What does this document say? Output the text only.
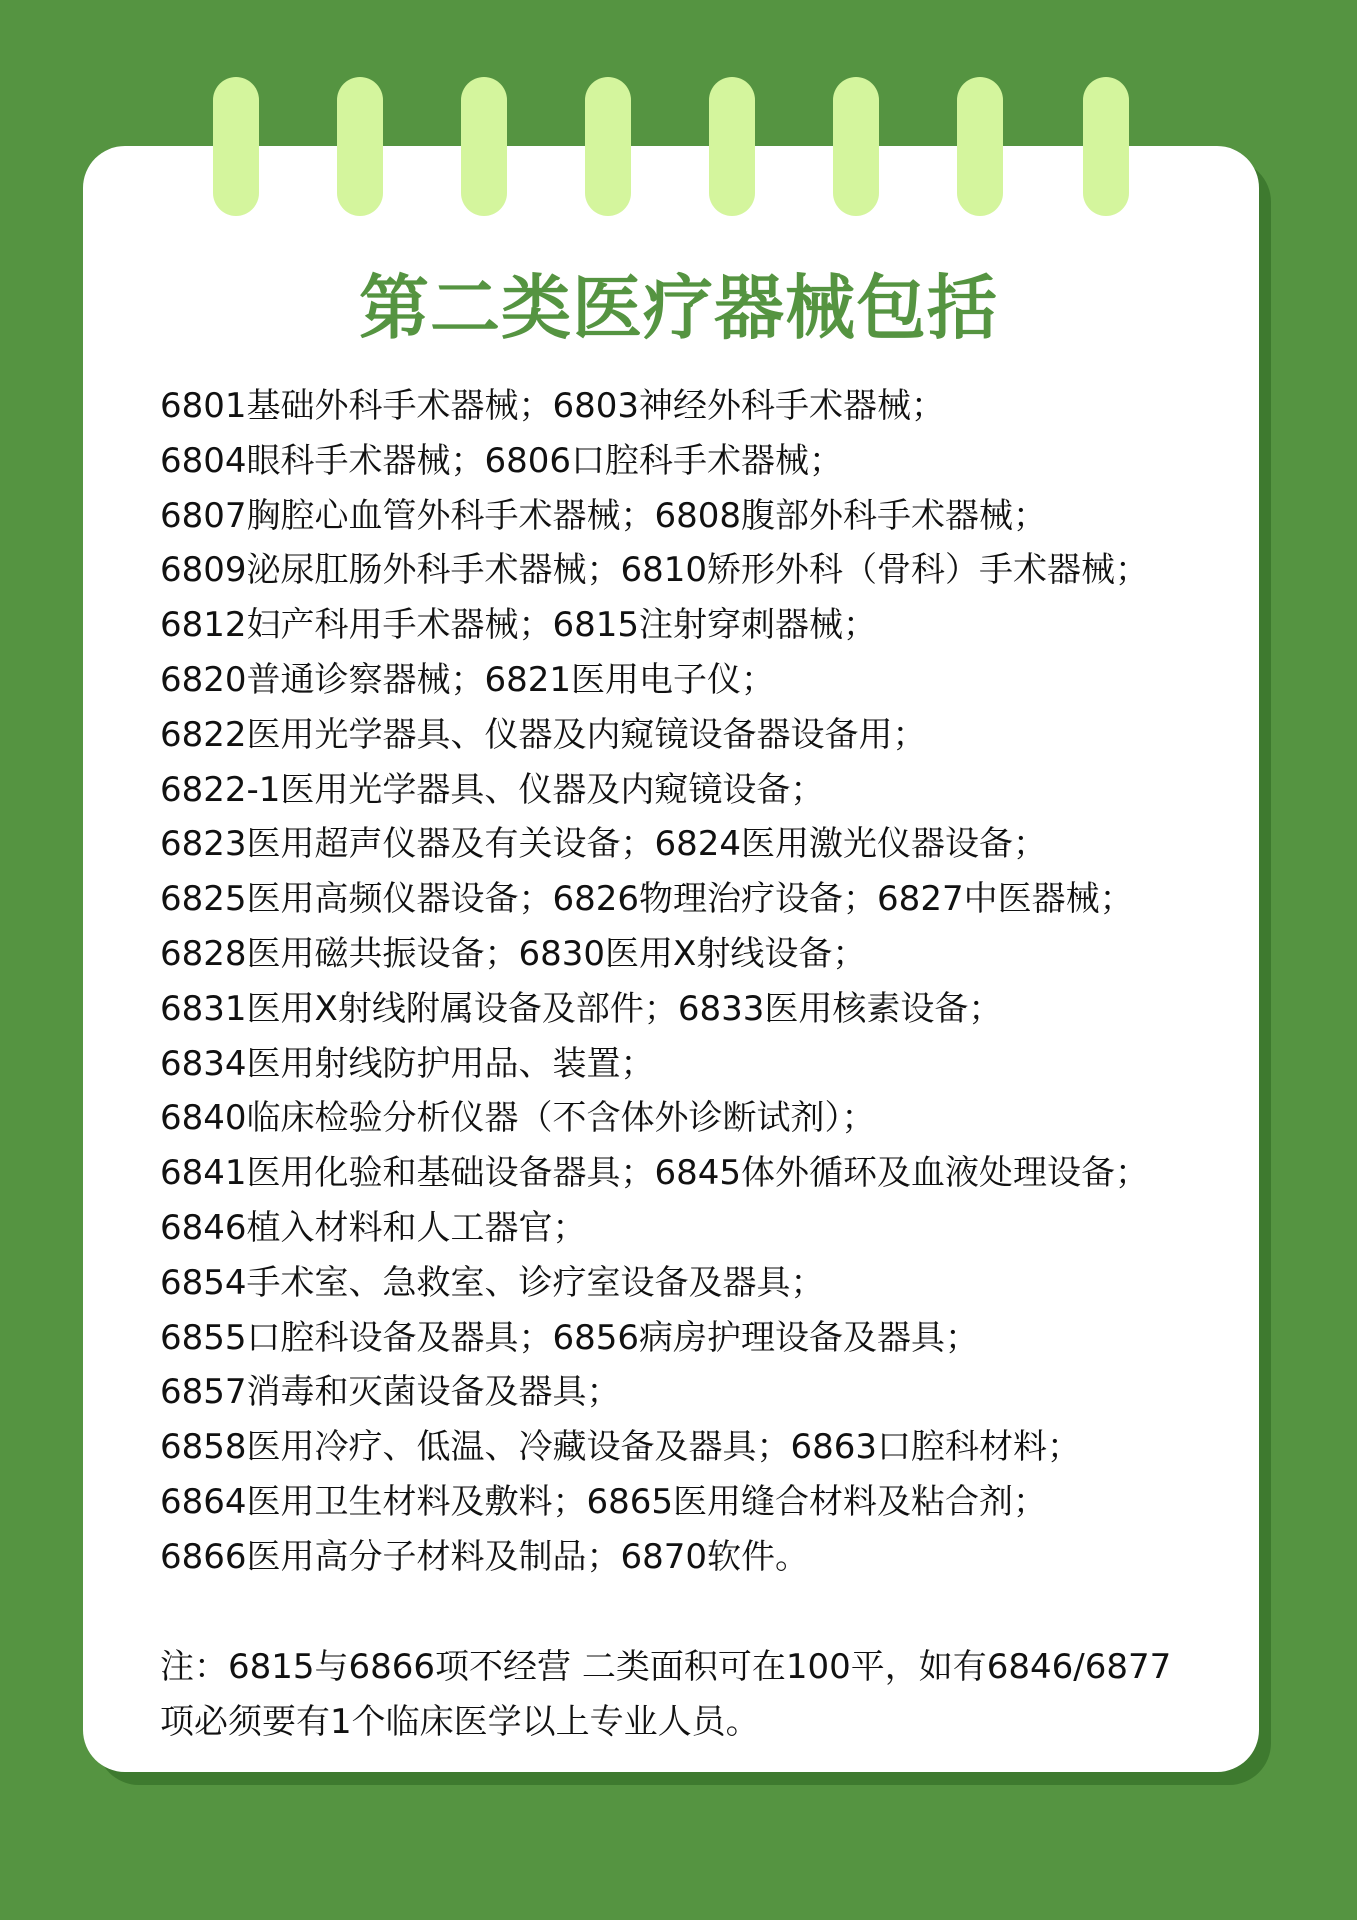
第二类医疗器械包括
6801基础外科手术器械；6803神经外科手术器械；
6804眼科手术器械；6806口腔科手术器械；
6807胸腔心血管外科手术器械；6808腹部外科手术器械；
6809泌尿肛肠外科手术器械；6810矫形外科（骨科）手术器械；
6812妇产科用手术器械；6815注射穿刺器械；
6820普通诊察器械；6821医用电子仪；
6822医用光学器具、仪器及内窥镜设备器设备用；
6822-1医用光学器具、仪器及内窥镜设备；
6823医用超声仪器及有关设备；6824医用激光仪器设备；
6825医用高频仪器设备；6826物理治疗设备；6827中医器械；
6828医用磁共振设备；6830医用X射线设备；
6831医用X射线附属设备及部件；6833医用核素设备；
6834医用射线防护用品、装置；
6840临床检验分析仪器（不含体外诊断试剂）；
6841医用化验和基础设备器具；6845体外循环及血液处理设备；
6846植入材料和人工器官；
6854手术室、急救室、诊疗室设备及器具；
6855口腔科设备及器具；6856病房护理设备及器具；
6857消毒和灭菌设备及器具；
6858医用冷疗、低温、冷藏设备及器具；6863口腔科材料；
6864医用卫生材料及敷料；6865医用缝合材料及粘合剂；
6866医用高分子材料及制品；6870软件。

注：6815与6866项不经营 二类面积可在100平，如有6846/6877
项必须要有1个临床医学以上专业人员。
